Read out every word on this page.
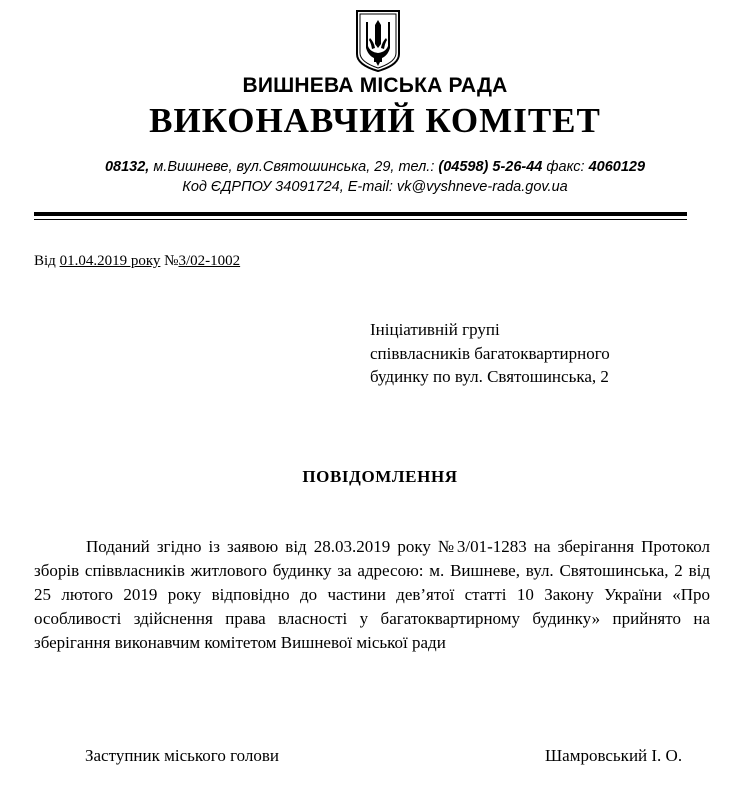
ВИШНЕВА МІСЬКА РАДА
ВИКОНАВЧИЙ КОМІТЕТ
08132, м.Вишневе, вул.Святошинська, 29, тел.: (04598) 5-26-44 факс: 4060129
Код ЄДРПОУ 34091724, E-mail: vk@vyshneve-rada.gov.ua
Від 01.04.2019 року №3/02-1002
Ініціативній групі
співвласників багатоквартирного
будинку по вул. Святошинська, 2
ПОВІДОМЛЕННЯ
Поданий згідно із заявою від 28.03.2019 року №3/01-1283 на зберігання Протокол зборів співвласників житлового будинку за адресою: м. Вишневе, вул. Святошинська, 2 від 25 лютого 2019 року відповідно до частини дев’ятої статті 10 Закону України «Про особливості здійснення права власності у багатоквартирному будинку» прийнято на зберігання виконавчим комітетом Вишневої міської ради
Заступник міського голови	Шамровський І. О.
